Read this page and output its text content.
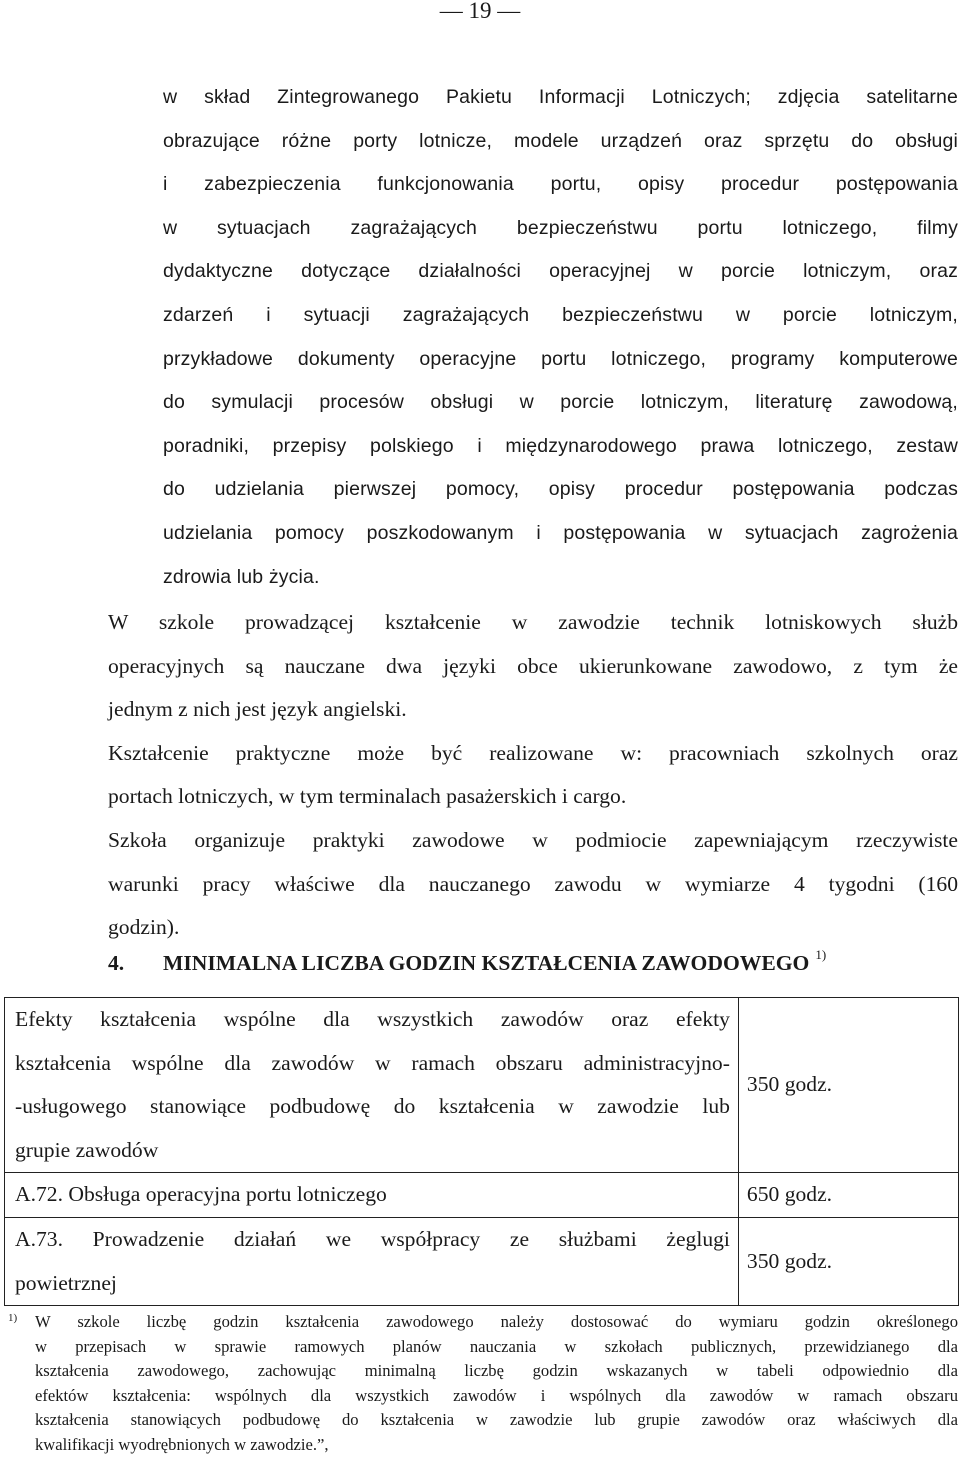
— 19 —

w skład Zintegrowanego Pakietu Informacji Lotniczych; zdjęcia satelitarne

obrazujące różne porty lotnicze, modele urządzeń oraz sprzętu do obsługi

i zabezpieczenia funkcjonowania portu, opisy procedur postępowania

w sytuacjach zagrażających bezpieczeństwu portu lotniczego, filmy

dydaktyczne dotyczące działalności operacyjnej w porcie lotniczym, oraz

zdarzeń i sytuacji zagrażających bezpieczeństwu w porcie lotniczym,

przykładowe dokumenty operacyjne portu lotniczego, programy komputerowe

do symulacji procesów obsługi w porcie lotniczym, literaturę zawodową,

poradniki, przepisy polskiego i międzynarodowego prawa lotniczego, zestaw

do udzielania pierwszej pomocy, opisy procedur postępowania podczas

udzielania pomocy poszkodowanym i postępowania w sytuacjach zagrożenia

zdrowia lub życia.

W szkole prowadzącej kształcenie w zawodzie technik lotniskowych służb

operacyjnych są nauczane dwa języki obce ukierunkowane zawodowo, z tym że

jednym z nich jest język angielski.

Kształcenie praktyczne może być realizowane w: pracowniach szkolnych oraz

portach lotniczych, w tym terminalach pasażerskich i cargo.

Szkoła organizuje praktyki zawodowe w podmiocie zapewniającym rzeczywiste

warunki pracy właściwe dla nauczanego zawodu w wymiarze 4 tygodni (160

godzin).

4. MINIMALNA LICZBA GODZIN KSZTAŁCENIA ZAWODOWEGO $^{1)}$

Efekty kształcenia wspólne dla wszystkich zawodów oraz efekty

kształcenia wspólne dla zawodów w ramach obszaru administracyjno-

-usługowego stanowiące podbudowę do kształcenia w zawodzie lub

grupie zawodów	350 godz.

A.72. Obsługa operacyjna portu lotniczego	650 godz.

A.73. Prowadzenie działań we współpracy ze służbami żeglugi

powietrznej	350 godz.
1) W szkole liczbę godzin kształcenia zawodowego należy dostosować do wymiaru godzin określonego

w przepisach w sprawie ramowych planów nauczania w szkołach publicznych, przewidzianego dla

kształcenia zawodowego, zachowując minimalną liczbę godzin wskazanych w tabeli odpowiednio dla

efektów kształcenia: wspólnych dla wszystkich zawodów i wspólnych dla zawodów w ramach obszaru

kształcenia stanowiących podbudowę do kształcenia w zawodzie lub grupie zawodów oraz właściwych dla

kwalifikacji wyodrębnionych w zawodzie.”,
